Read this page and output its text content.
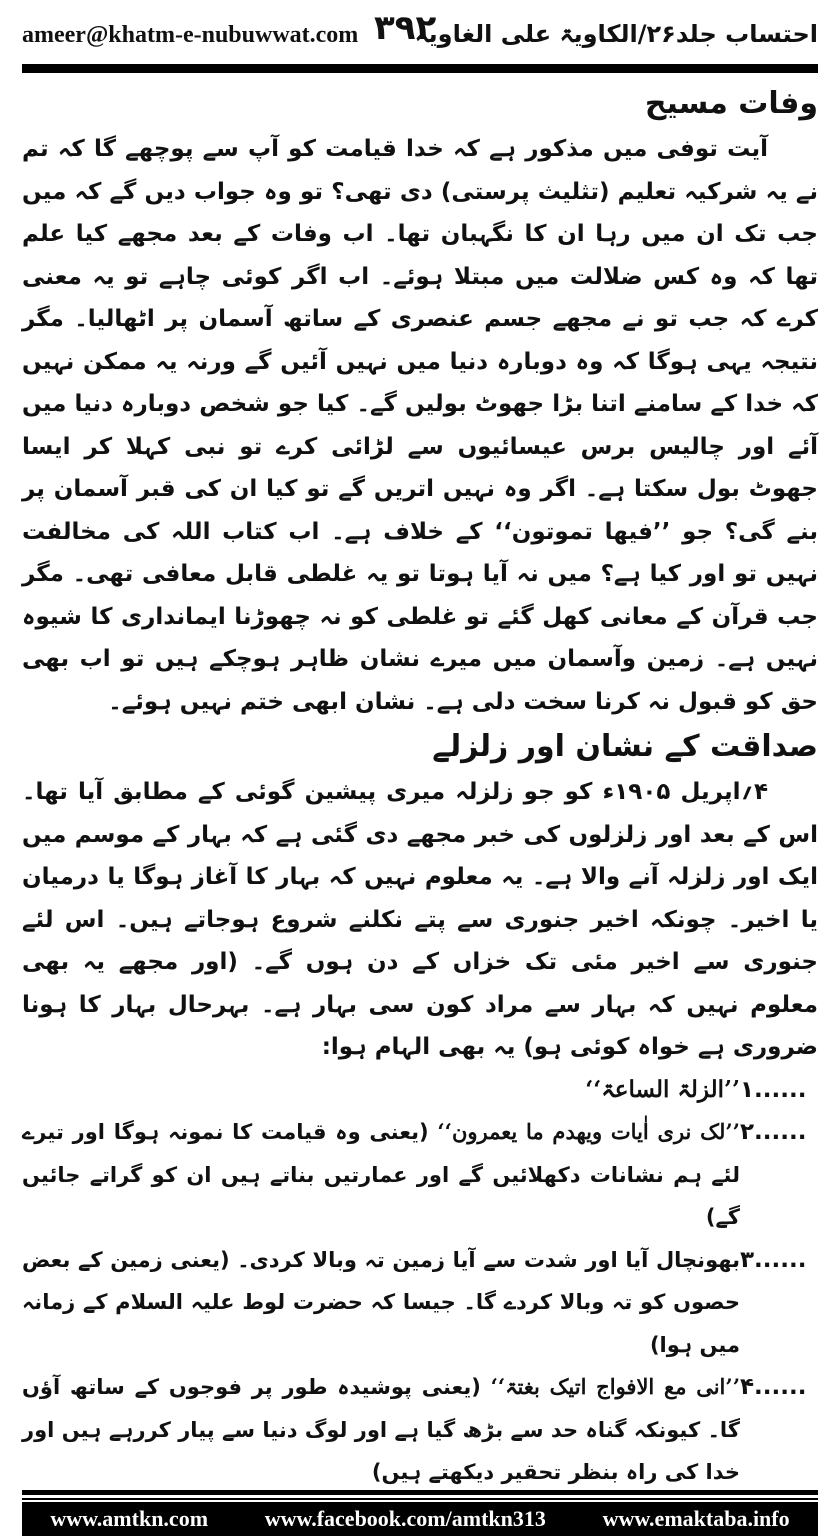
ameer@khatm-e-nubuwwat.com ۳۹۲
احتساب جلد۲۶/الکاویۃ علی الغاویہ
وفات مسیح

آیت توفی میں مذکور ہے کہ خدا قیامت کو آپ سے پوچھے گا کہ تم نے یہ شرکیہ تعلیم (تثلیث پرستی) دی تھی؟ تو وہ جواب دیں گے کہ میں جب تک ان میں رہا ان کا نگہبان تھا۔ اب وفات کے بعد مجھے کیا علم تھا کہ وہ کس ضلالت میں مبتلا ہوئے۔ اب اگر کوئی چاہے تو یہ معنی کرے کہ جب تو نے مجھے جسم عنصری کے ساتھ آسمان پر اٹھالیا۔ مگر نتیجہ یہی ہوگا کہ وہ دوبارہ دنیا میں نہیں آئیں گے ورنہ یہ ممکن نہیں کہ خدا کے سامنے اتنا بڑا جھوٹ بولیں گے۔ کیا جو شخص دوبارہ دنیا میں آئے اور چالیس برس عیسائیوں سے لڑائی کرے تو نبی کہلا کر ایسا جھوٹ بول سکتا ہے۔ اگر وہ نہیں اتریں گے تو کیا ان کی قبر آسمان پر بنے گی؟ جو ’’فیھا تموتون‘‘ کے خلاف ہے۔ اب کتاب اللہ کی مخالفت نہیں تو اور کیا ہے؟ میں نہ آیا ہوتا تو یہ غلطی قابل معافی تھی۔ مگر جب قرآن کے معانی کھل گئے تو غلطی کو نہ چھوڑنا ایمانداری کا شیوہ نہیں ہے۔ زمین وآسمان میں میرے نشان ظاہر ہوچکے ہیں تو اب بھی حق کو قبول نہ کرنا سخت دلی ہے۔ نشان ابھی ختم نہیں ہوئے۔

صداقت کے نشان اور زلزلے

۴؍اپریل ۱۹۰۵ء کو جو زلزلہ میری پیشین گوئی کے مطابق آیا تھا۔ اس کے بعد اور زلزلوں کی خبر مجھے دی گئی ہے کہ بہار کے موسم میں ایک اور زلزلہ آنے والا ہے۔ یہ معلوم نہیں کہ بہار کا آغاز ہوگا یا درمیان یا اخیر۔ چونکہ اخیر جنوری سے پتے نکلنے شروع ہوجاتے ہیں۔ اس لئے جنوری سے اخیر مئی تک خزاں کے دن ہوں گے۔ (اور مجھے یہ بھی معلوم نہیں کہ بہار سے مراد کون سی بہار ہے۔ بہرحال بہار کا ہونا ضروری ہے خواہ کوئی ہو) یہ بھی الہام ہوا:

۱......
’’الزلۃ الساعۃ‘‘
۲......
’’لک نری اٰیات ویھدم ما یعمرون‘‘ (یعنی وہ قیامت کا نمونہ ہوگا اور تیرے لئے ہم نشانات دکھلائیں گے اور عمارتیں بناتے ہیں ان کو گراتے جائیں گے)
۳......
بھونچال آیا اور شدت سے آیا زمین تہ وبالا کردی۔ (یعنی زمین کے بعض حصوں کو تہ وبالا کردے گا۔ جیسا کہ حضرت لوط علیہ السلام کے زمانہ میں ہوا)
۴......
’’انی مع الافواج اتیک بغتۃ‘‘ (یعنی پوشیدہ طور پر فوجوں کے ساتھ آؤں گا۔ کیونکہ گناہ حد سے بڑھ گیا ہے اور لوگ دنیا سے پیار کررہے ہیں اور خدا کی راہ بنظر تحقیر دیکھتے ہیں)
www.amtkn.com	www.facebook.com/amtkn313	www.emaktaba.info
